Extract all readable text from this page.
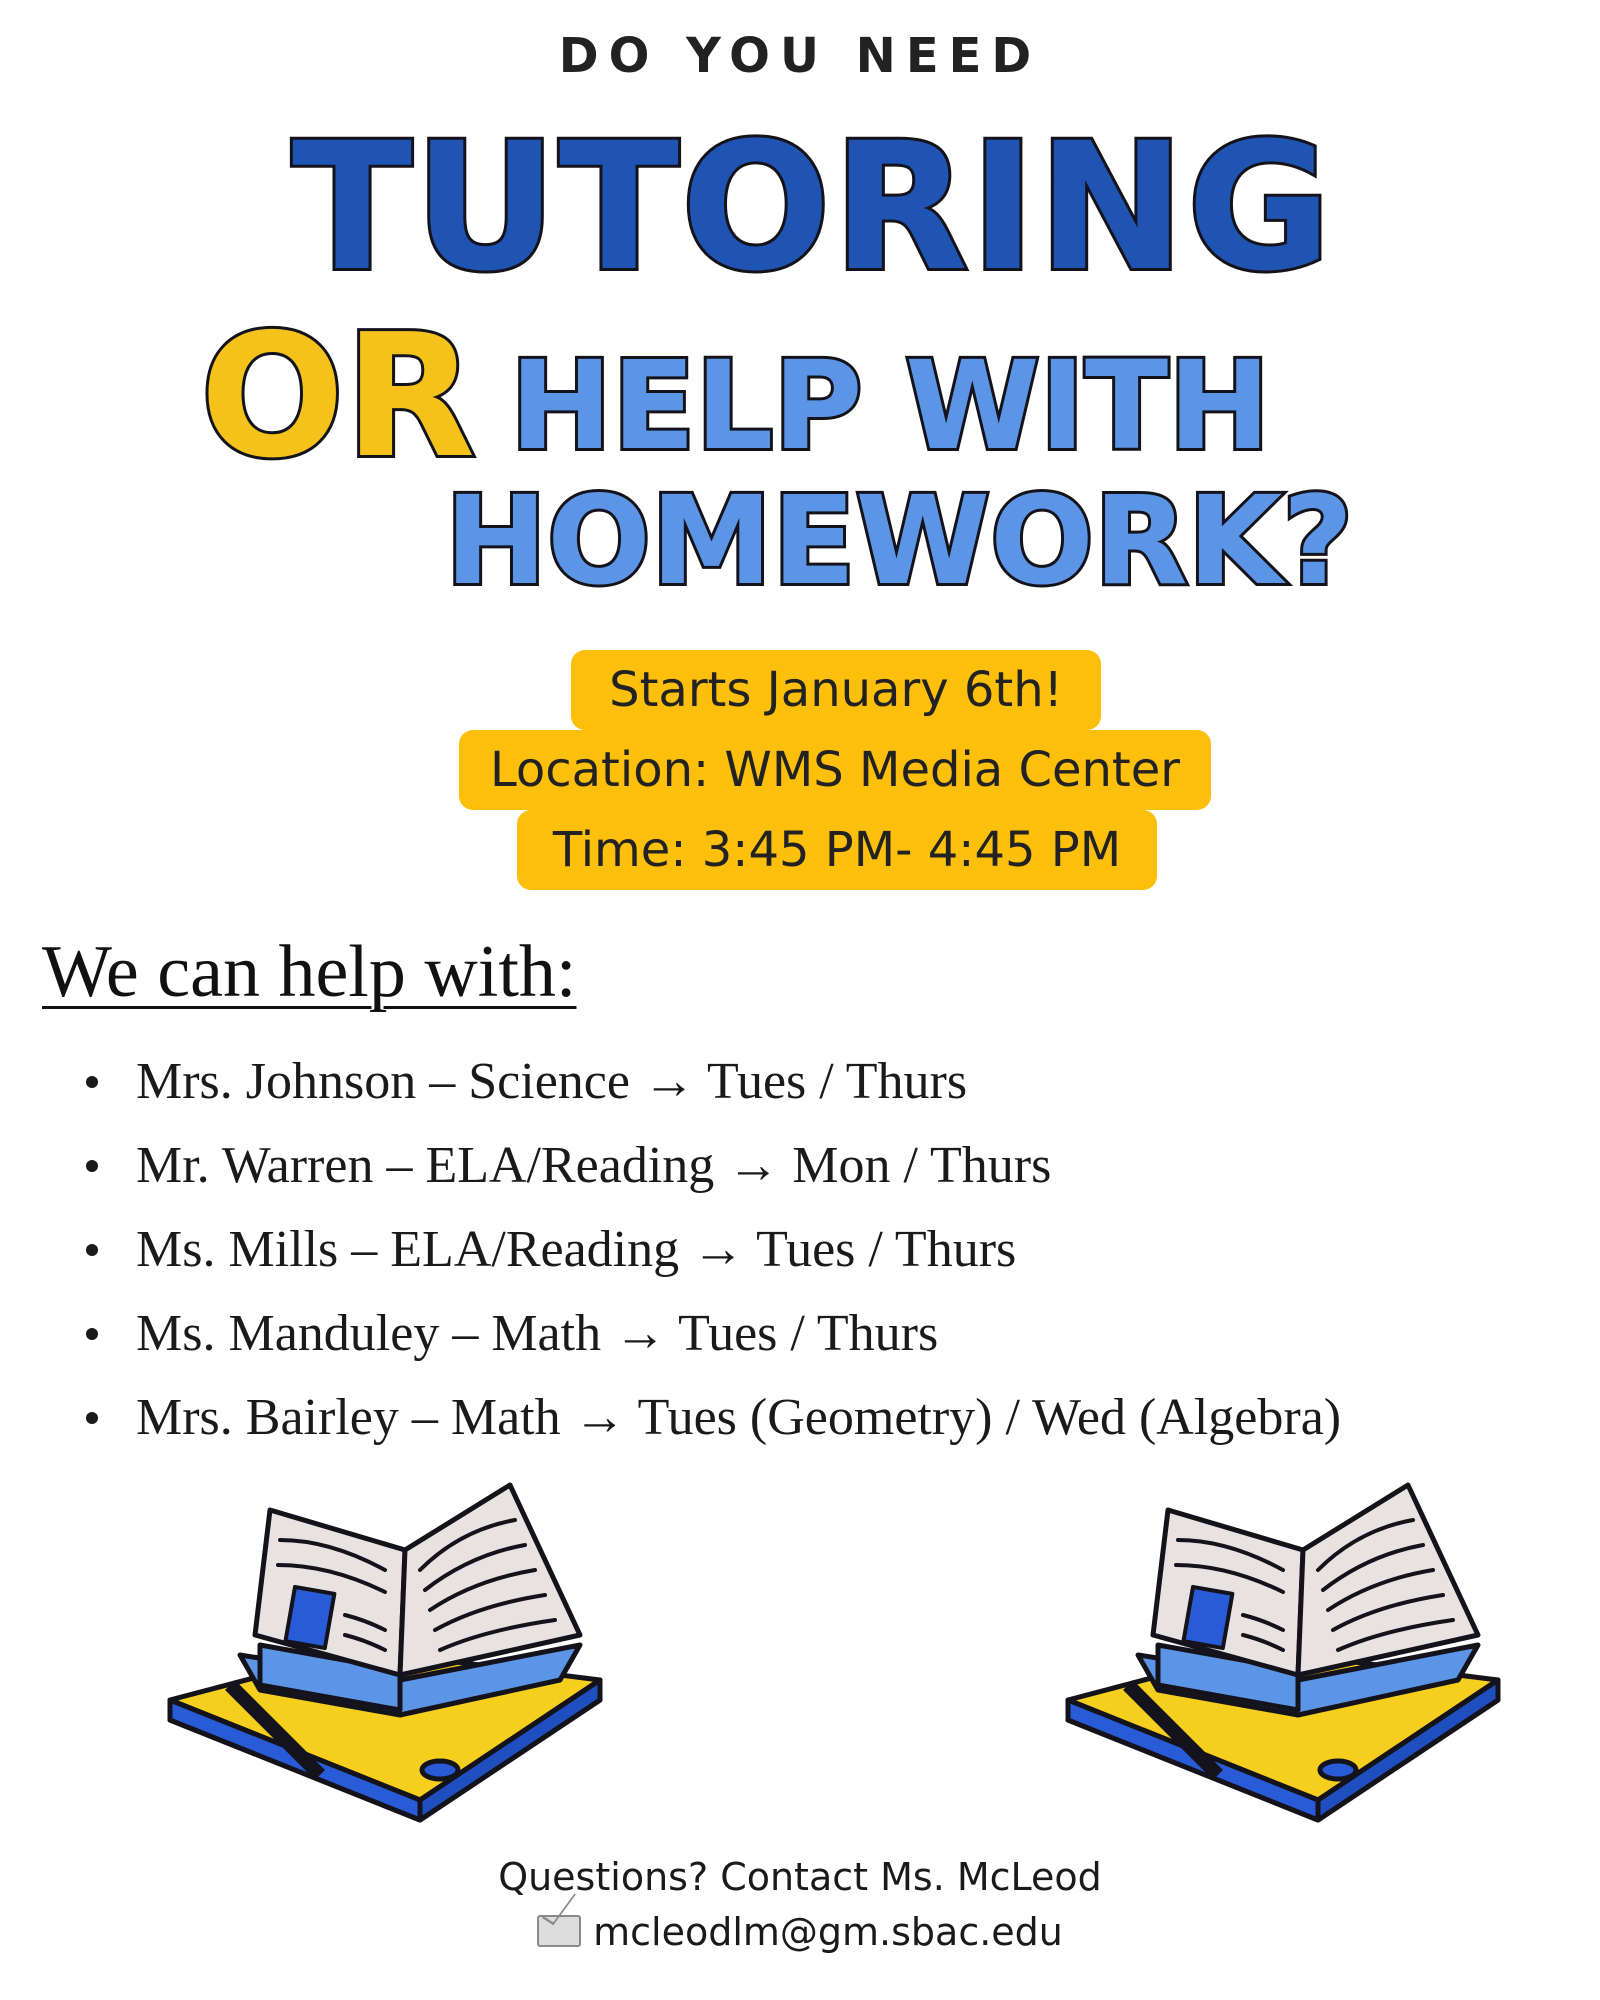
DO YOU NEED
TUTORING
OR HELP WITH
HOMEWORK?
Starts January 6th!
Location: WMS Media Center
Time: 3:45 PM- 4:45 PM
We can help with:
Mrs. Johnson – Science → Tues / Thurs
Mr. Warren – ELA/Reading → Mon / Thurs
Ms. Mills – ELA/Reading → Tues / Thurs
Ms. Manduley – Math → Tues / Thurs
Mrs. Bairley – Math → Tues (Geometry) / Wed (Algebra)
Questions? Contact Ms. McLeod
mcleodlm@gm.sbac.edu
